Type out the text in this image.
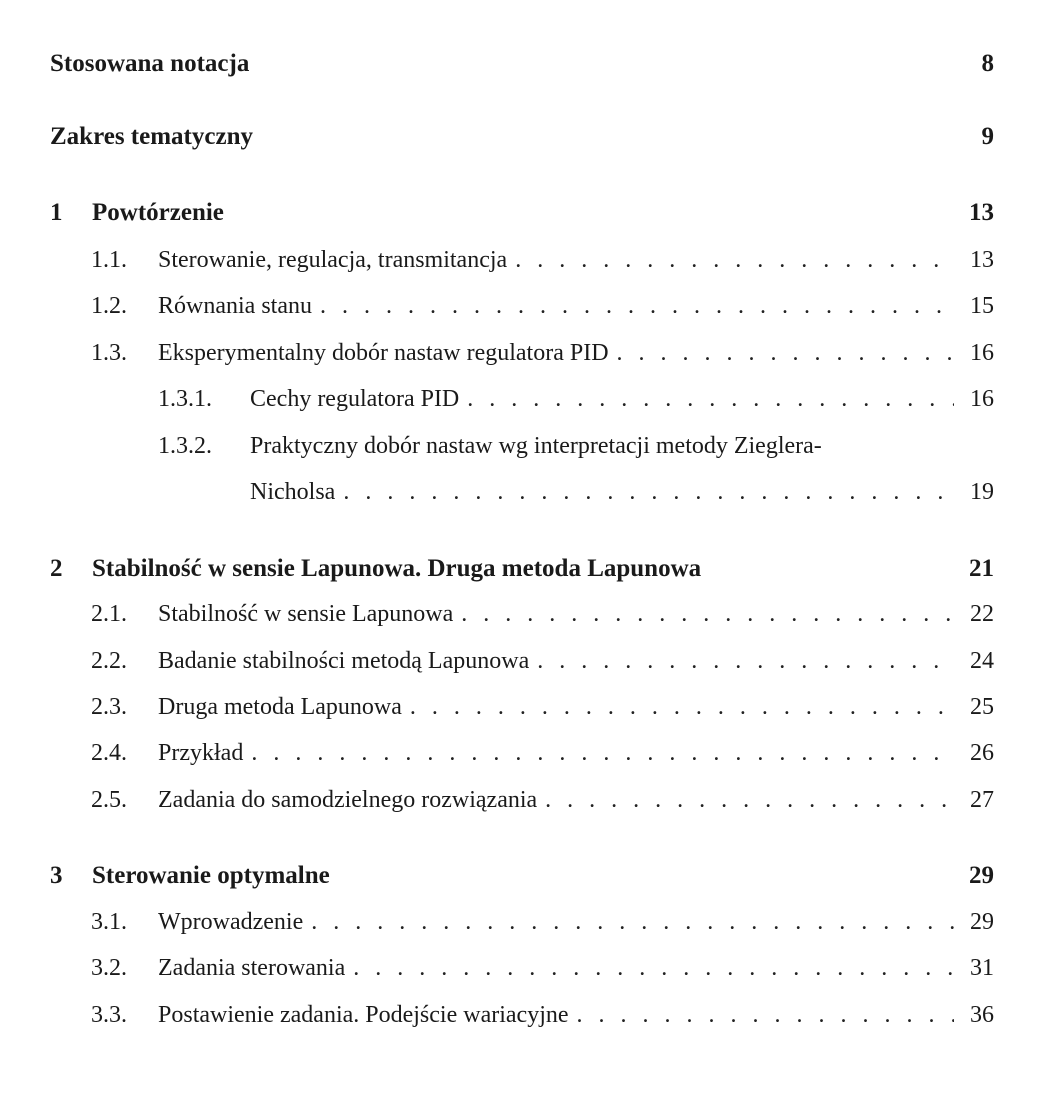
Stosowana notacja	8
Zakres tematyczny	9
1	Powtórzenie	13
1.1.	Sterowanie, regulacja, transmitancja . . .	13
1.2.	Równania stanu . . .	15
1.3.	Eksperymentalny dobór nastaw regulatora PID . . .	16
1.3.1.	Cechy regulatora PID . . .	16
1.3.2.	Praktyczny dobór nastaw wg interpretacji metody Zieglera-
Nicholsa . . .	19
2	Stabilność w sensie Lapunowa. Druga metoda Lapunowa	21
2.1.	Stabilność w sensie Lapunowa . . .	22
2.2.	Badanie stabilności metodą Lapunowa . . .	24
2.3.	Druga metoda Lapunowa . . .	25
2.4.	Przykład . . .	26
2.5.	Zadania do samodzielnego rozwiązania . . .	27
3	Sterowanie optymalne	29
3.1.	Wprowadzenie . . .	29
3.2.	Zadania sterowania . . .	31
3.3.	Postawienie zadania. Podejście wariacyjne . . .	36
